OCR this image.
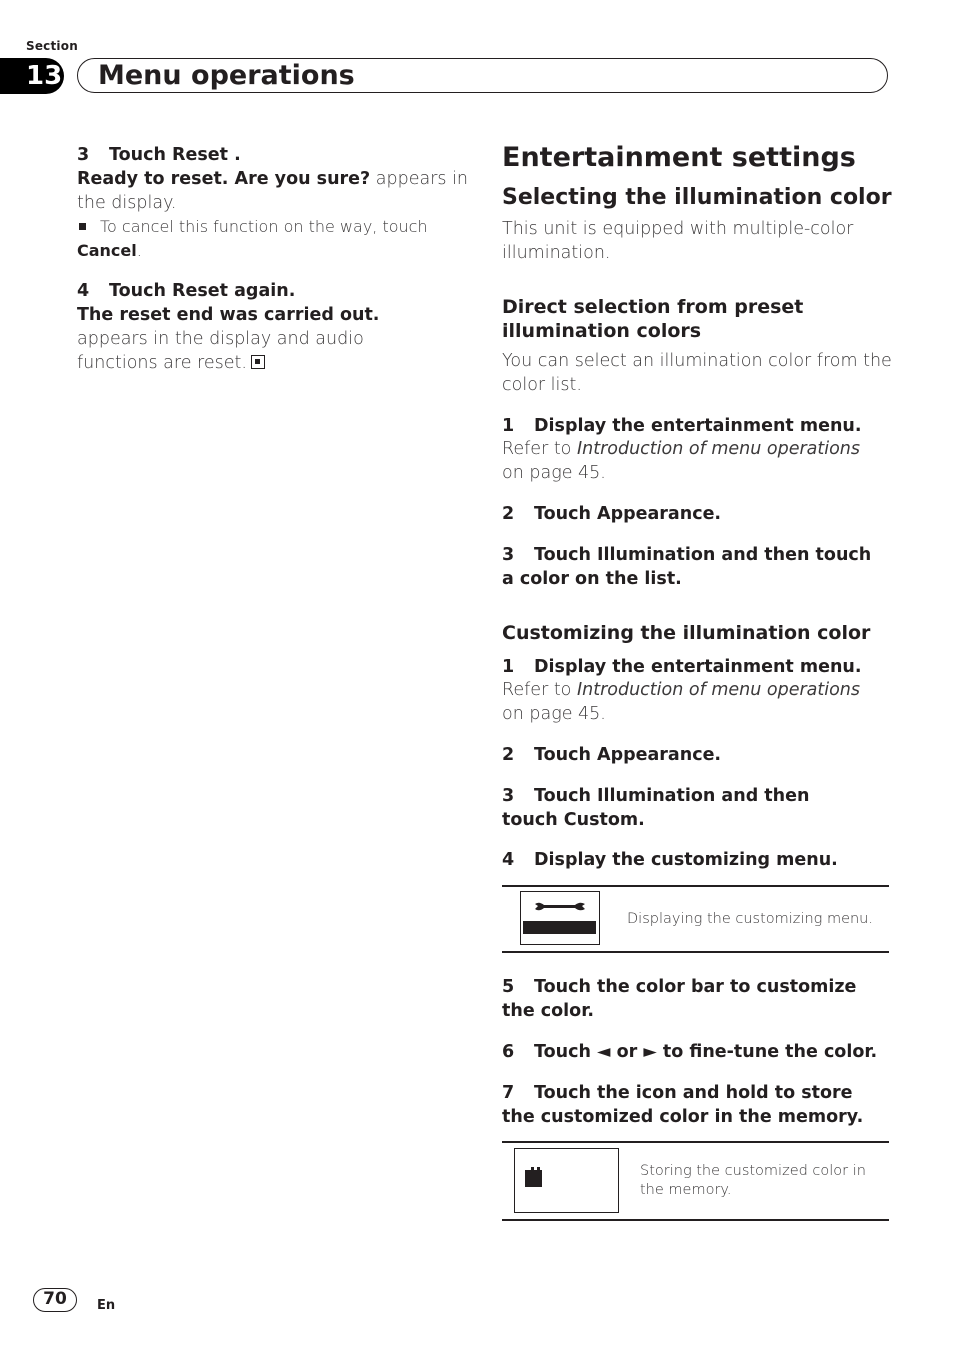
Section
13 Menu operations
3 Touch Reset .

Ready to reset. Are you sure? appears in the display.

To cancel this function on the way, touch Cancel.
4 Touch Reset again.

The reset end was carried out. appears in the display and audio functions are reset.

Entertainment settings
Selecting the illumination color

This unit is equipped with multiple-color illumination.

Direct selection from preset illumination colors

You can select an illumination color from the color list.

1 Display the entertainment menu.

Refer to Introduction of menu operations on page 45.

2 Touch Appearance.
3 Touch Illumination and then touch a color on the list.
Customizing the illumination color
1 Display the entertainment menu.

Refer to Introduction of menu operations on page 45.

2 Touch Appearance.
3 Touch Illumination and then touch Custom.
4 Display the customizing menu.
Displaying the customizing menu.
5 Touch the color bar to customize the color.
6 Touch ◄ or ► to fine-tune the color.
7 Touch the icon and hold to store the customized color in the memory.
Storing the customized color in the memory.
70	En
